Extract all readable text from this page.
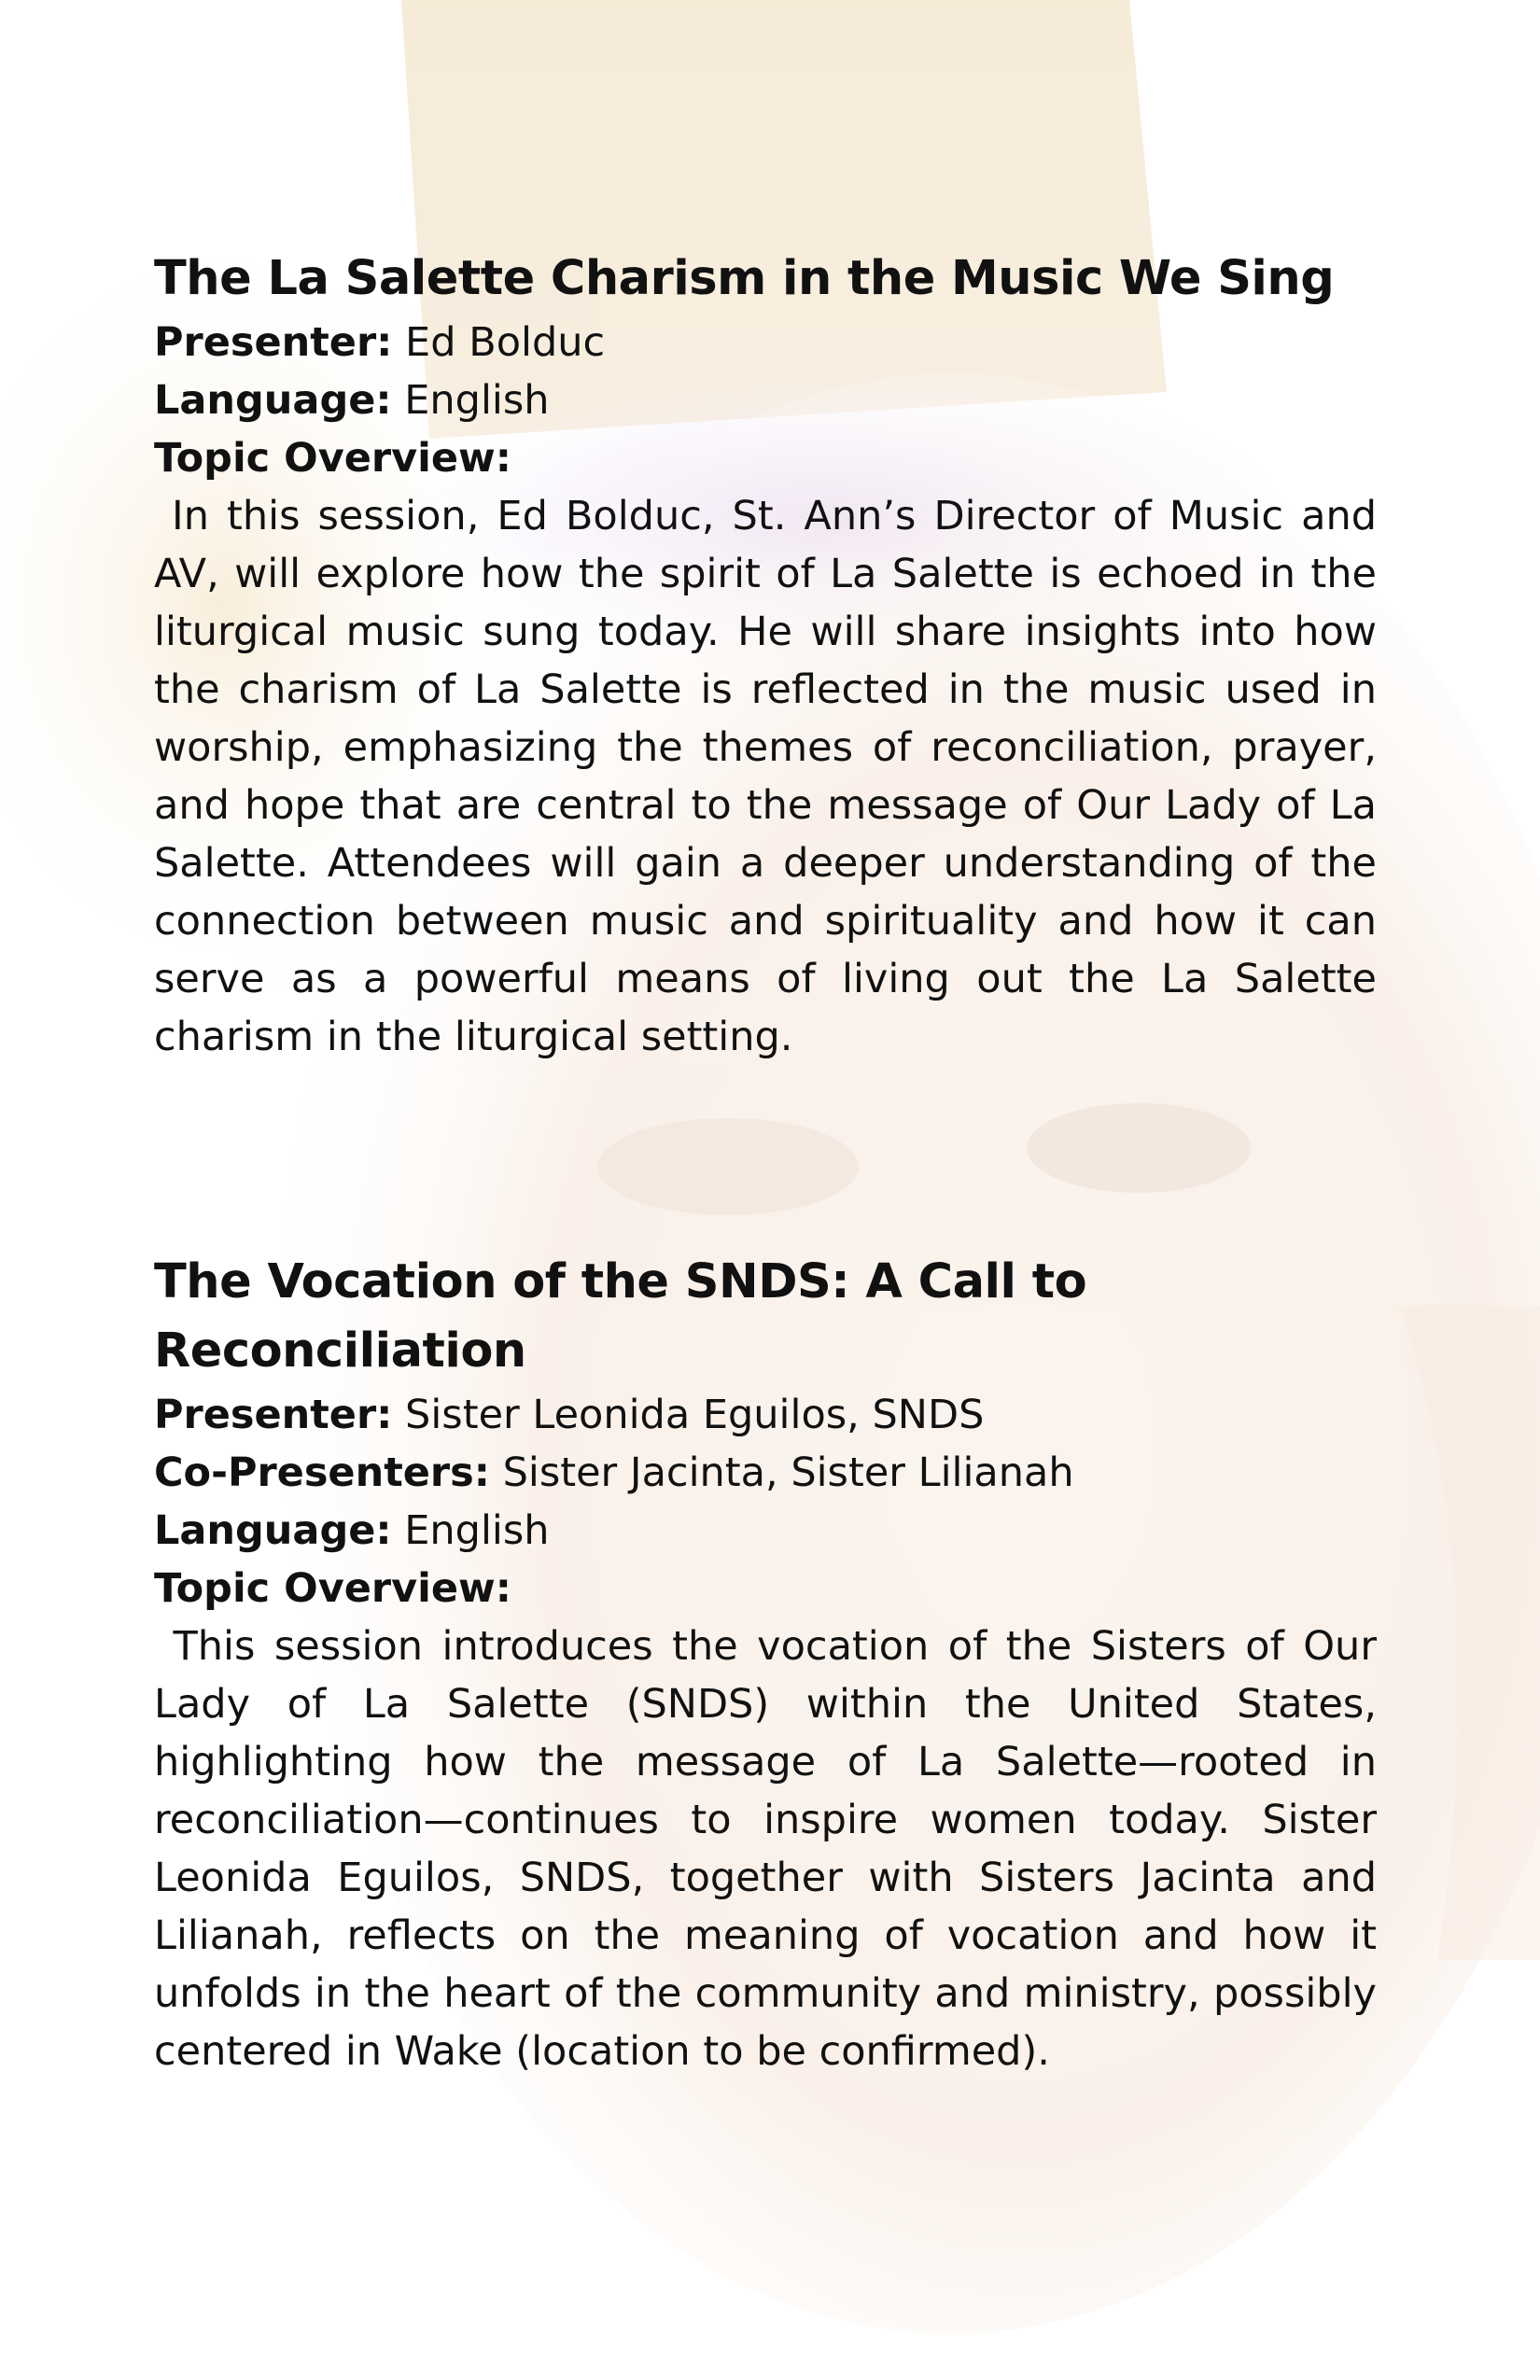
The La Salette Charism in the Music We Sing

Presenter: Ed Bolduc

Language: English

Topic Overview:

In this session, Ed Bolduc, St. Ann’s Director of Music and AV, will explore how the spirit of La Salette is echoed in the liturgical music sung today. He will share insights into how the charism of La Salette is reflected in the music used in worship, emphasizing the themes of reconciliation, prayer, and hope that are central to the message of Our Lady of La Salette. Attendees will gain a deeper understanding of the connection between music and spirituality and how it can serve as a powerful means of living out the La Salette charism in the liturgical setting.

The Vocation of the SNDS: A Call to Reconciliation

Presenter: Sister Leonida Eguilos, SNDS

Co-Presenters: Sister Jacinta, Sister Lilianah

Language: English

Topic Overview:

This session introduces the vocation of the Sisters of Our Lady of La Salette (SNDS) within the United States, highlighting how the message of La Salette—rooted in reconciliation—continues to inspire women today. Sister Leonida Eguilos, SNDS, together with Sisters Jacinta and Lilianah, reflects on the meaning of vocation and how it unfolds in the heart of the community and ministry, possibly centered in Wake (location to be confirmed).
